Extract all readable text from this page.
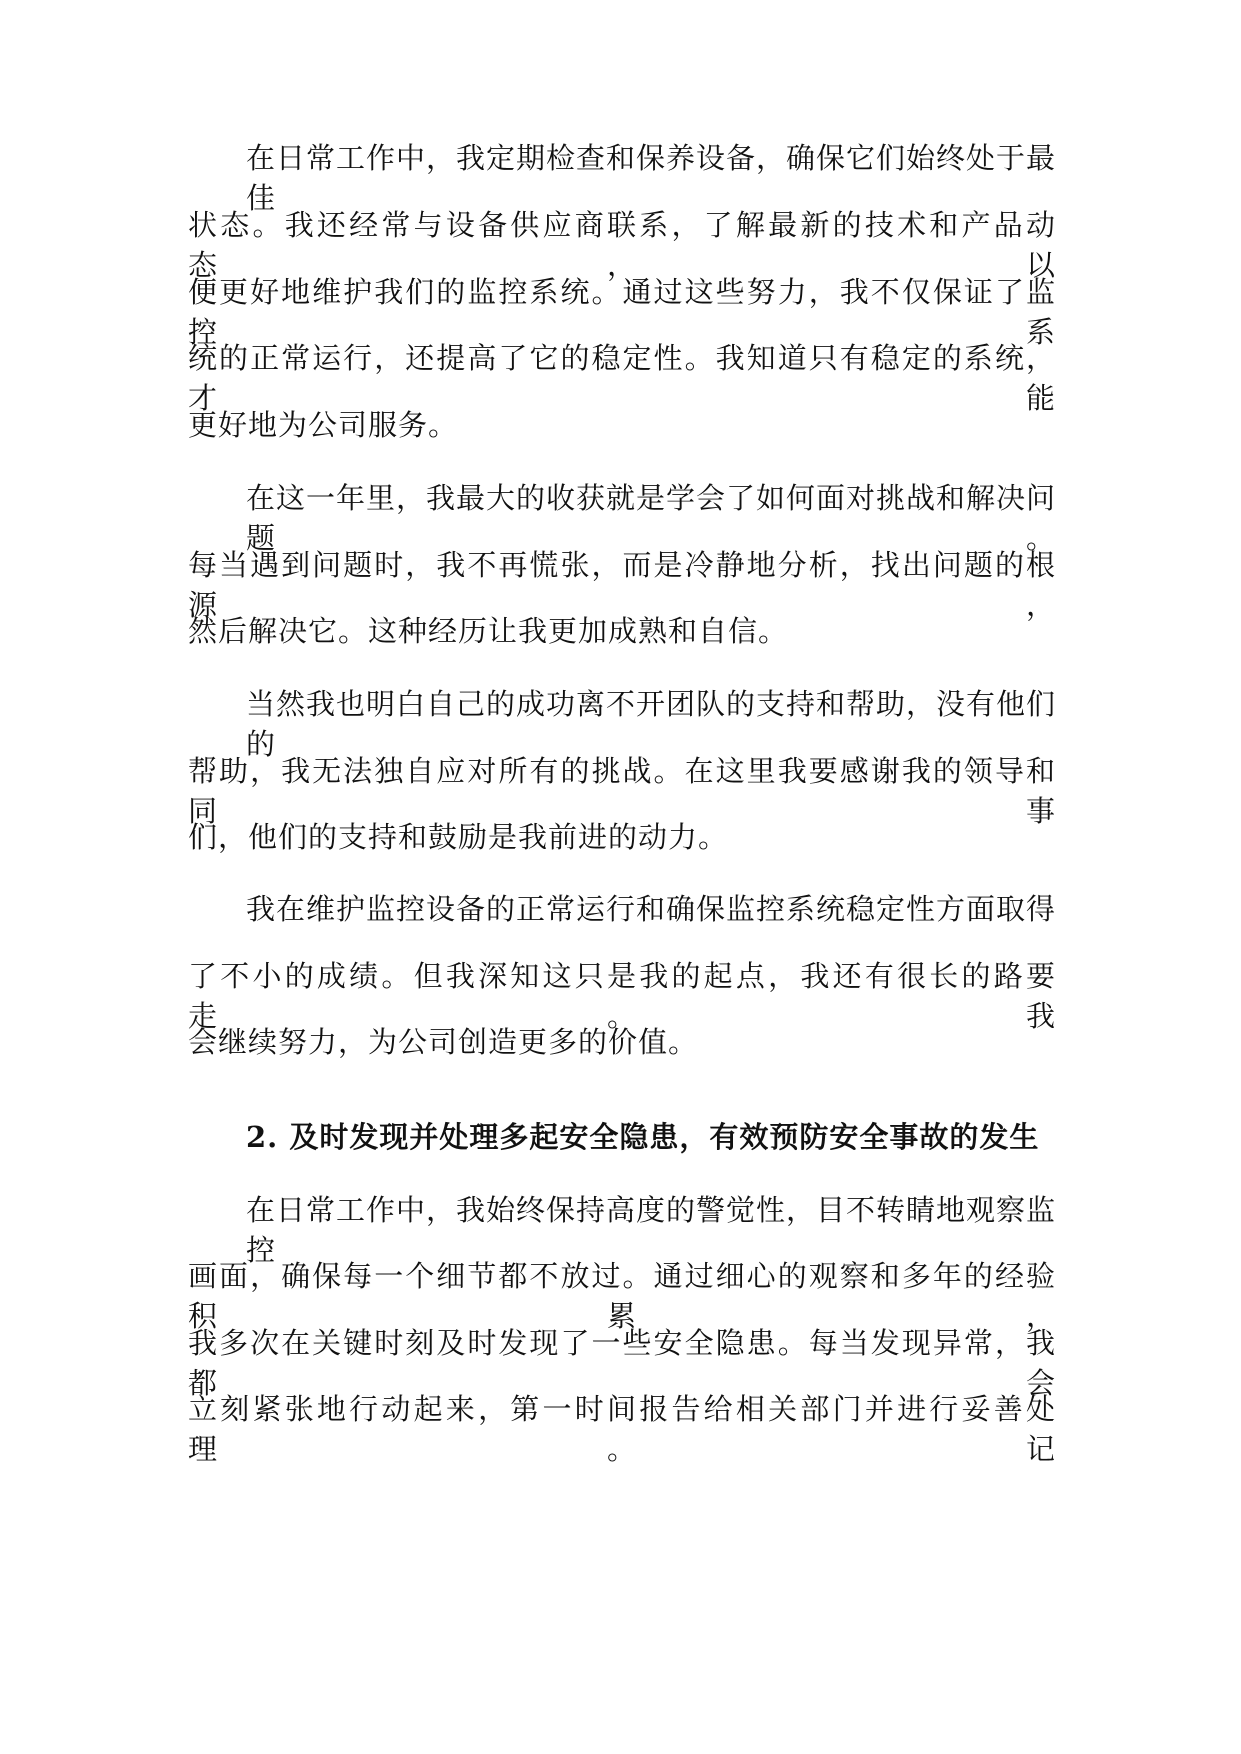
在日常工作中，我定期检查和保养设备，确保它们始终处于最佳
状态。我还经常与设备供应商联系，了解最新的技术和产品动态，以
便更好地维护我们的监控系统。通过这些努力，我不仅保证了监控系
统的正常运行，还提高了它的稳定性。我知道只有稳定的系统，才能
更好地为公司服务。
在这一年里，我最大的收获就是学会了如何面对挑战和解决问题。
每当遇到问题时，我不再慌张，而是冷静地分析，找出问题的根源，
然后解决它。这种经历让我更加成熟和自信。
当然我也明白自己的成功离不开团队的支持和帮助，没有他们的
帮助，我无法独自应对所有的挑战。在这里我要感谢我的领导和同事
们，他们的支持和鼓励是我前进的动力。
我在维护监控设备的正常运行和确保监控系统稳定性方面取得
了不小的成绩。但我深知这只是我的起点，我还有很长的路要走。我
会继续努力，为公司创造更多的价值。
2. 及时发现并处理多起安全隐患，有效预防安全事故的发生
在日常工作中，我始终保持高度的警觉性，目不转睛地观察监控
画面，确保每一个细节都不放过。通过细心的观察和多年的经验积累，
我多次在关键时刻及时发现了一些安全隐患。每当发现异常，我都会
立刻紧张地行动起来，第一时间报告给相关部门并进行妥善处理。记
